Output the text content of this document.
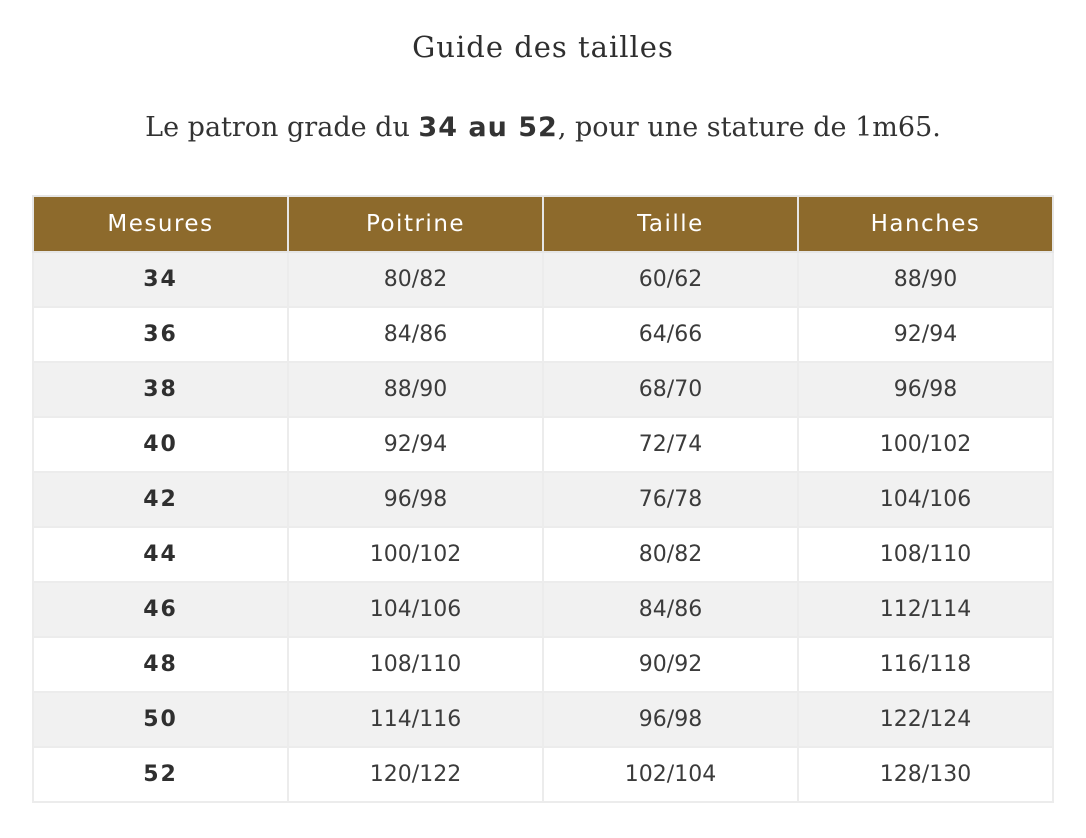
Guide des tailles
Le patron grade du 34 au 52, pour une stature de 1m65.
Mesures	Poitrine	Taille	Hanches
34	80/82	60/62	88/90
36	84/86	64/66	92/94
38	88/90	68/70	96/98
40	92/94	72/74	100/102
42	96/98	76/78	104/106
44	100/102	80/82	108/110
46	104/106	84/86	112/114
48	108/110	90/92	116/118
50	114/116	96/98	122/124
52	120/122	102/104	128/130
